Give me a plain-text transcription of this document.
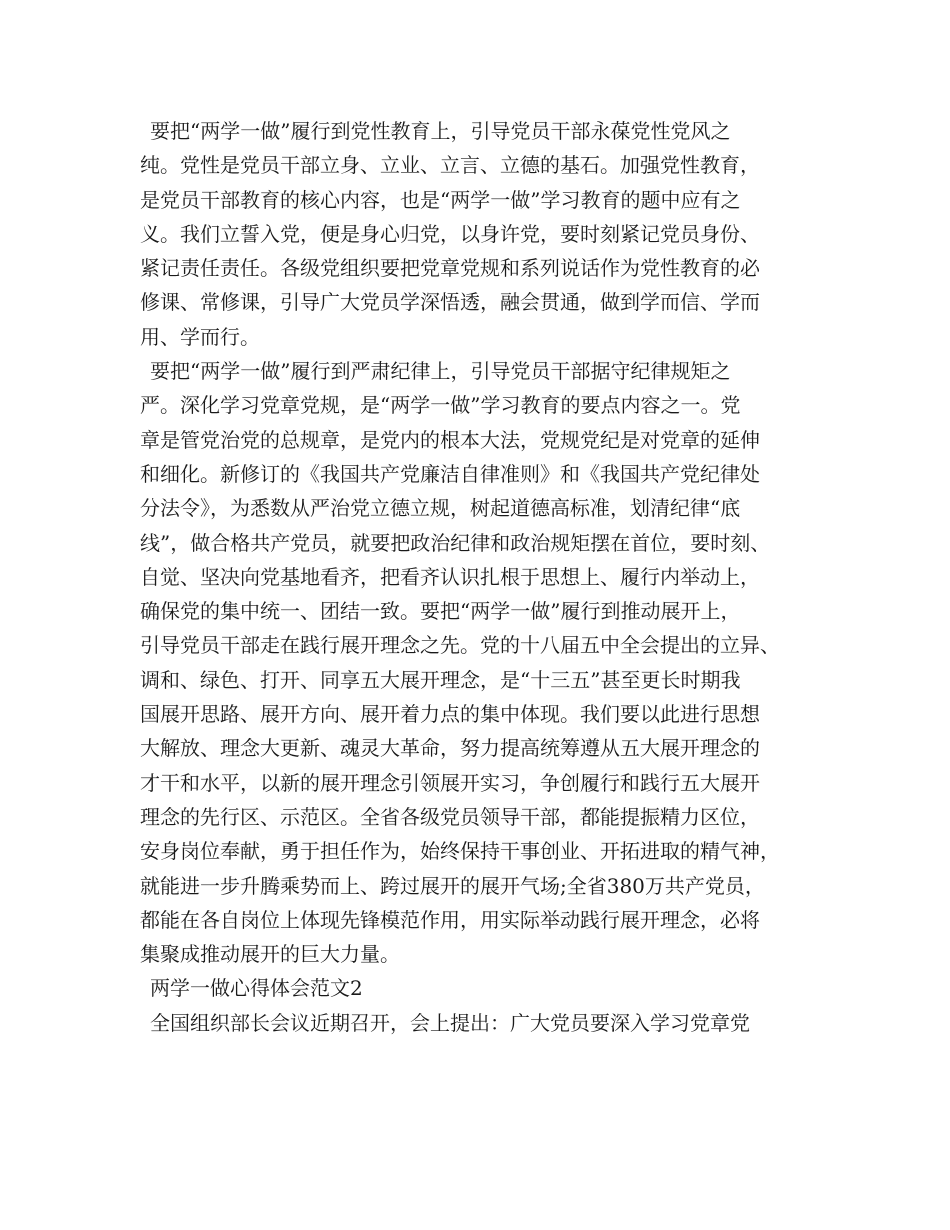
要把“两学一做”履行到党性教育上，引导党员干部永葆党性党风之
纯。党性是党员干部立身、立业、立言、立德的基石。加强党性教育，
是党员干部教育的核心内容，也是“两学一做”学习教育的题中应有之
义。我们立誓入党，便是身心归党，以身许党，要时刻紧记党员身份、
紧记责任责任。各级党组织要把党章党规和系列说话作为党性教育的必
修课、常修课，引导广大党员学深悟透，融会贯通，做到学而信、学而
用、学而行。
要把“两学一做”履行到严肃纪律上，引导党员干部据守纪律规矩之
严。深化学习党章党规，是“两学一做”学习教育的要点内容之一。党
章是管党治党的总规章，是党内的根本大法，党规党纪是对党章的延伸
和细化。新修订的《我国共产党廉洁自律准则》和《我国共产党纪律处
分法令》，为悉数从严治党立德立规，树起道德高标准，划清纪律“底
线”，做合格共产党员，就要把政治纪律和政治规矩摆在首位，要时刻、
自觉、坚决向党基地看齐，把看齐认识扎根于思想上、履行内举动上，
确保党的集中统一、团结一致。要把“两学一做”履行到推动展开上，
引导党员干部走在践行展开理念之先。党的十八届五中全会提出的立异、
调和、绿色、打开、同享五大展开理念，是“十三五”甚至更长时期我
国展开思路、展开方向、展开着力点的集中体现。我们要以此进行思想
大解放、理念大更新、魂灵大革命，努力提高统筹遵从五大展开理念的
才干和水平，以新的展开理念引领展开实习，争创履行和践行五大展开
理念的先行区、示范区。全省各级党员领导干部，都能提振精力区位，
安身岗位奉献，勇于担任作为，始终保持干事创业、开拓进取的精气神，
就能进一步升腾乘势而上、跨过展开的展开气场;全省380万共产党员，
都能在各自岗位上体现先锋模范作用，用实际举动践行展开理念，必将
集聚成推动展开的巨大力量。
两学一做心得体会范文2
全国组织部长会议近期召开，会上提出：广大党员要深入学习党章党
